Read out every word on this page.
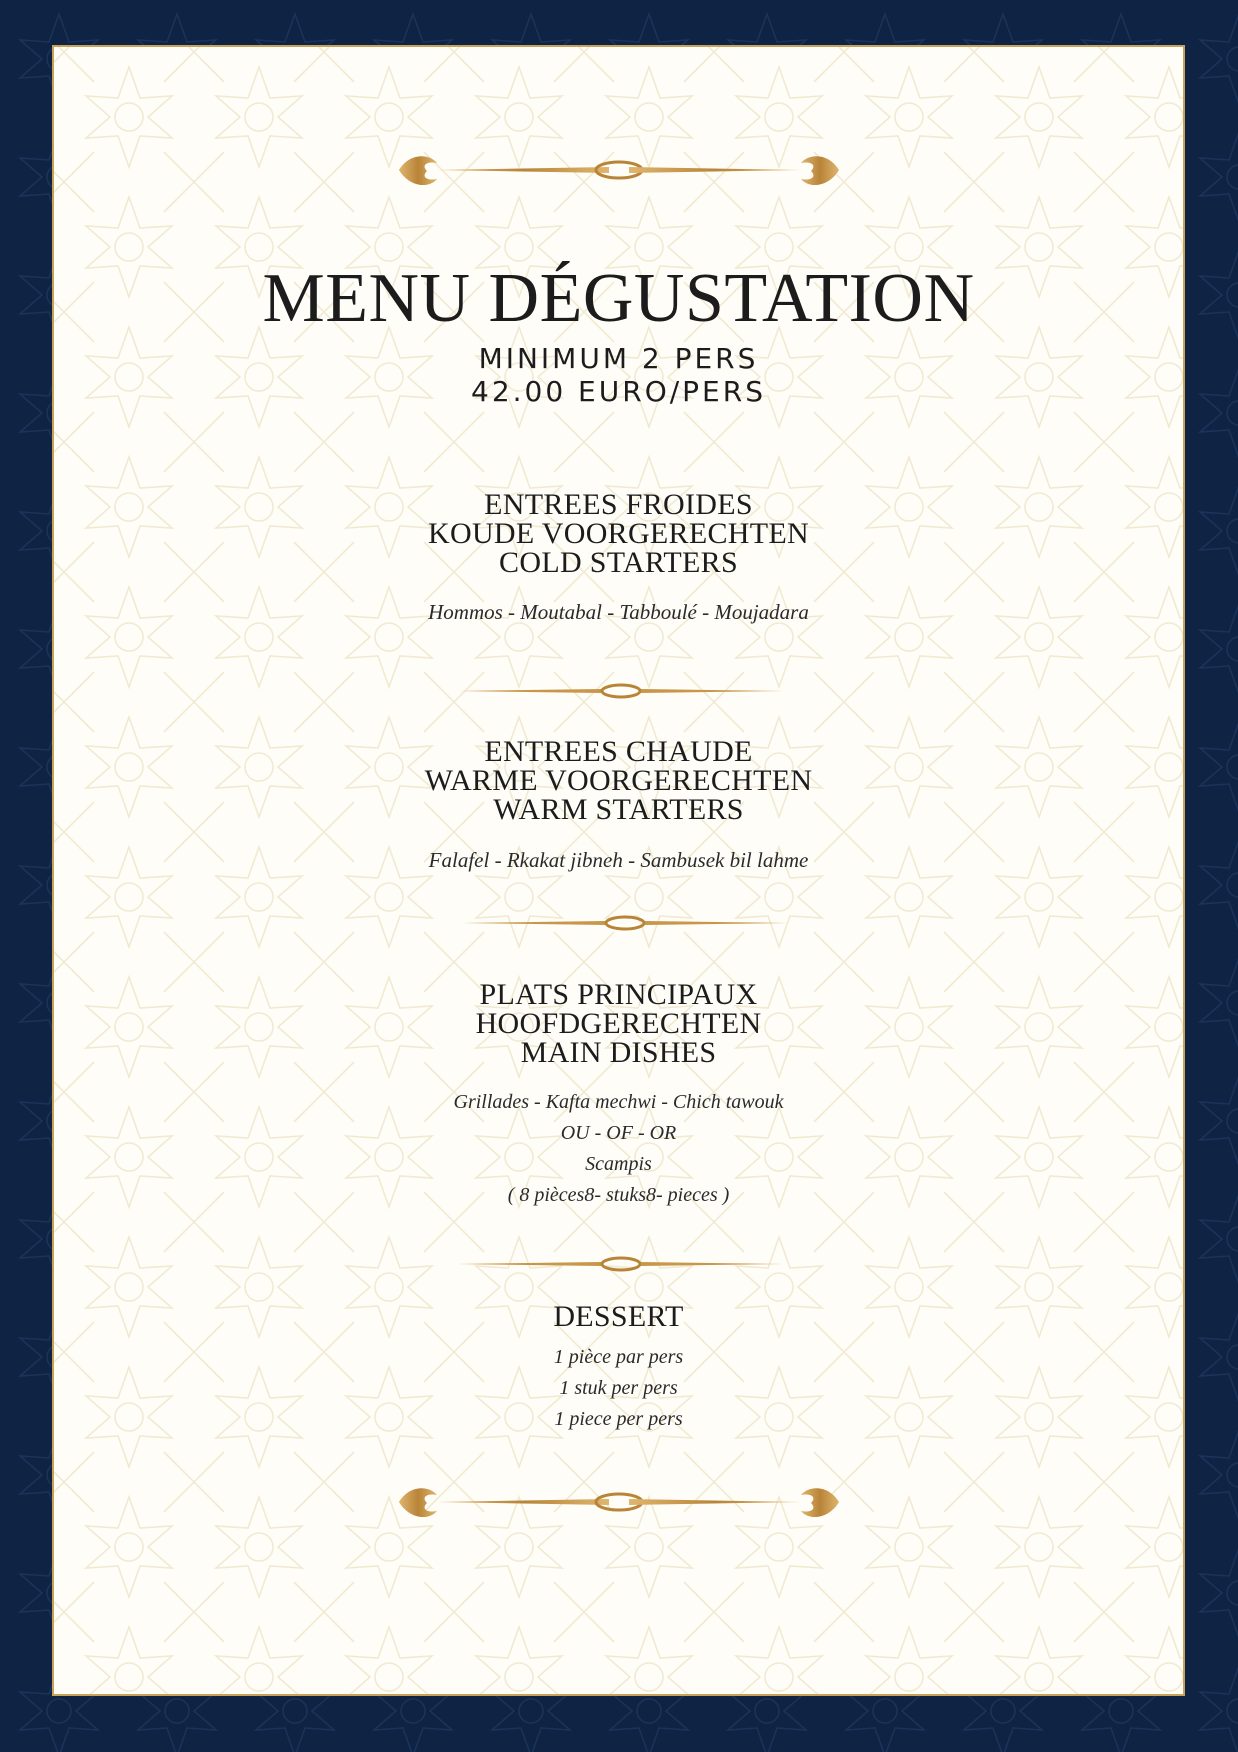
MENU DÉGUSTATION
MINIMUM 2 PERS
42.00 EURO/PERS
ENTREES FROIDES
KOUDE VOORGERECHTEN
COLD STARTERS
Hommos - Moutabal - Tabboulé - Moujadara
ENTREES CHAUDE
WARME VOORGERECHTEN
WARM STARTERS
Falafel - Rkakat jibneh - Sambusek bil lahme
PLATS PRINCIPAUX
HOOFDGERECHTEN
MAIN DISHES
Grillades - Kafta mechwi - Chich tawouk
OU - OF - OR
Scampis
( 8 pièces8- stuks8- pieces )
DESSERT
1 pièce par pers
1 stuk per pers
1 piece per pers
